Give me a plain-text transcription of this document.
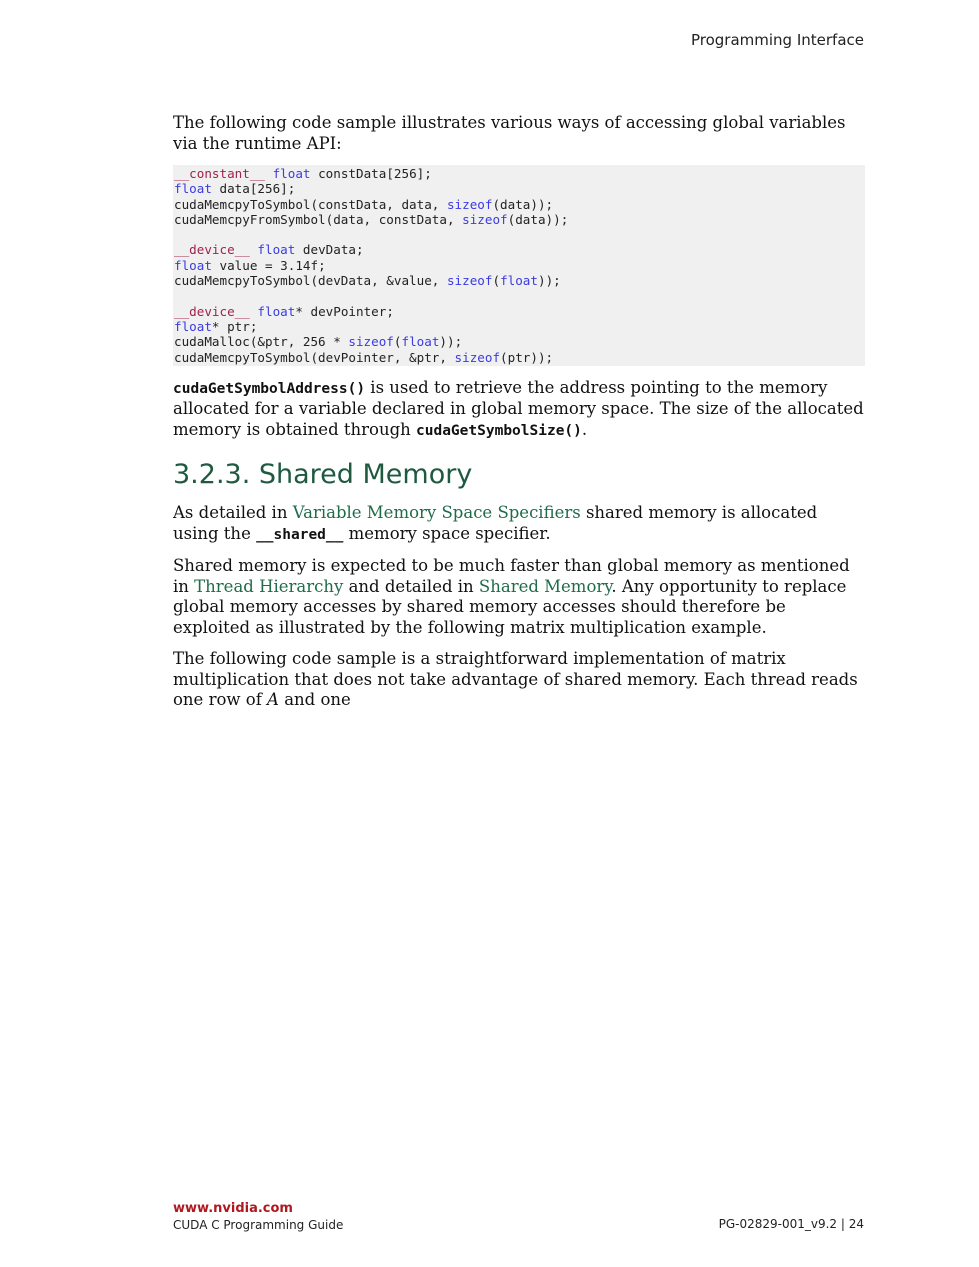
Programming Interface

The following code sample illustrates various ways of accessing global variables via the runtime API:

__constant__ float constData[256];
float data[256];
cudaMemcpyToSymbol(constData, data, sizeof(data));
cudaMemcpyFromSymbol(data, constData, sizeof(data));
__device__ float devData;
float value = 3.14f;
cudaMemcpyToSymbol(devData, &value, sizeof(float));
__device__ float* devPointer;
float* ptr;
cudaMalloc(&ptr, 256 * sizeof(float));
cudaMemcpyToSymbol(devPointer, &ptr, sizeof(ptr));

cudaGetSymbolAddress() is used to retrieve the address pointing to the memory allocated for a variable declared in global memory space. The size of the allocated memory is obtained through cudaGetSymbolSize().

3.2.3. Shared Memory

As detailed in Variable Memory Space Specifiers shared memory is allocated using the __shared__ memory space specifier.

Shared memory is expected to be much faster than global memory as mentioned in Thread Hierarchy and detailed in Shared Memory. Any opportunity to replace global memory accesses by shared memory accesses should therefore be exploited as illustrated by the following matrix multiplication example.

The following code sample is a straightforward implementation of matrix multiplication that does not take advantage of shared memory. Each thread reads one row of A and one

www.nvidia.com
CUDA C Programming Guide	PG-02829-001_v9.2 | 24
